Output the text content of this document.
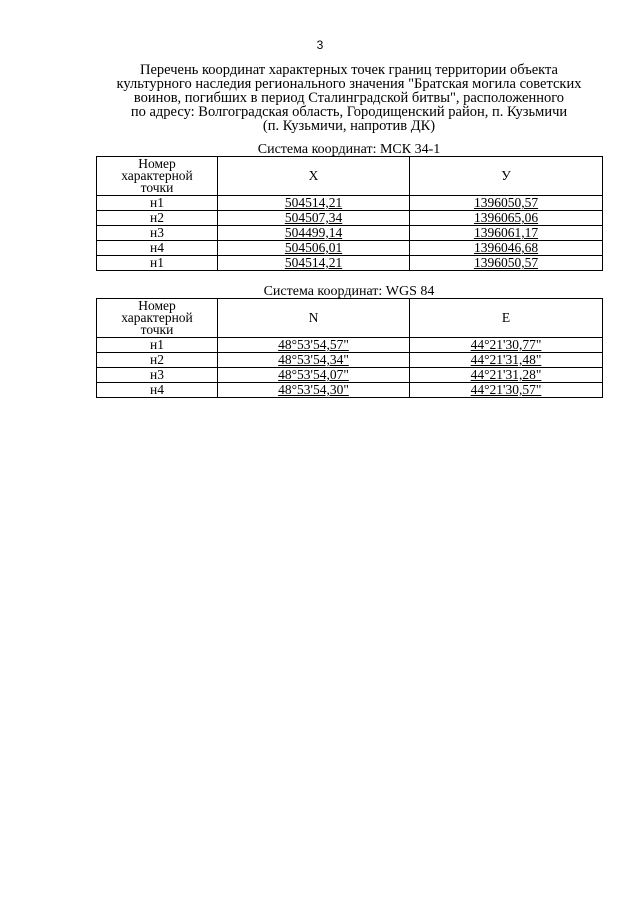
3
Перечень координат характерных точек границ территории объекта
культурного наследия регионального значения "Братская могила советских
воинов, погибших в период Сталинградской битвы", расположенного
по адресу: Волгоградская область, Городищенский район, п. Кузьмичи
(п. Кузьмичи, напротив ДК)
Система координат: МСК 34-1
Номер
характерной
точки	X	У
н1	504514,21	1396050,57
н2	504507,34	1396065,06
н3	504499,14	1396061,17
н4	504506,01	1396046,68
н1	504514,21	1396050,57
Система координат: WGS 84
Номер
характерной
точки	N	E
н1	48°53'54,57"	44°21'30,77"
н2	48°53'54,34"	44°21'31,48"
н3	48°53'54,07"	44°21'31,28"
н4	48°53'54,30"	44°21'30,57"
